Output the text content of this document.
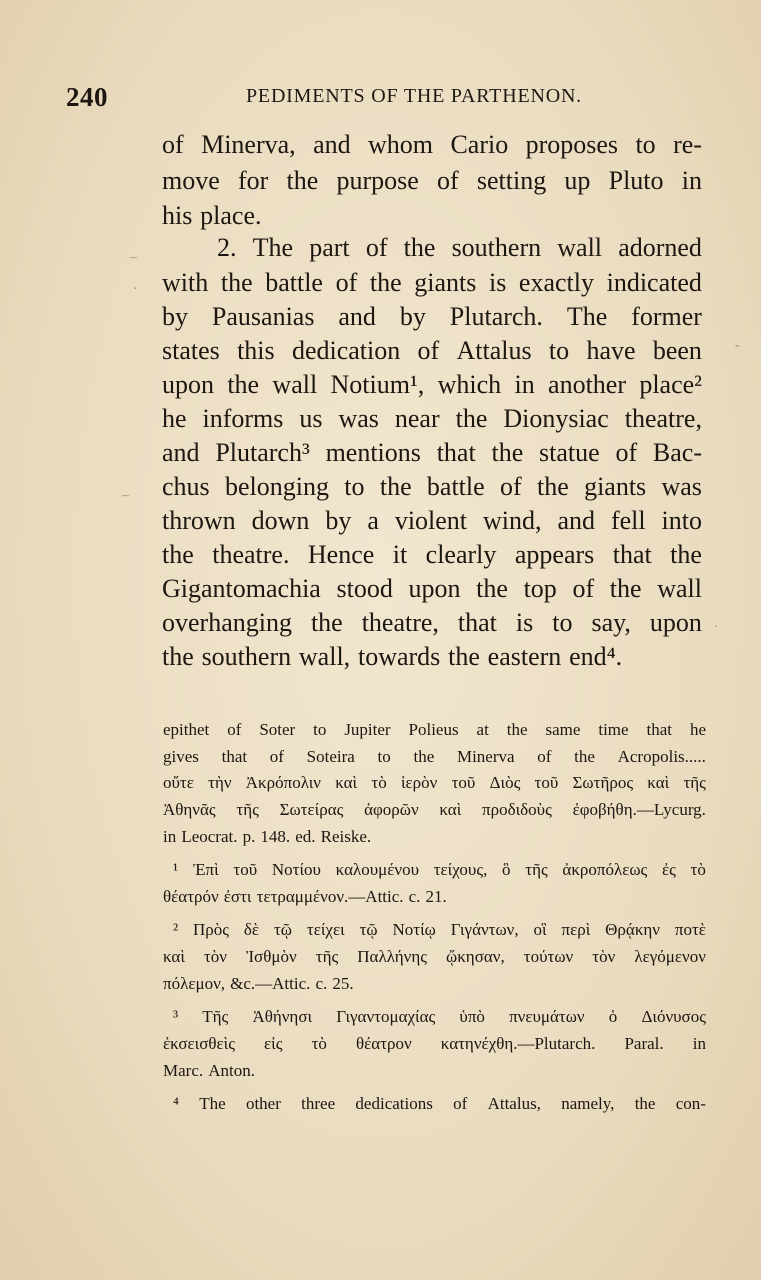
240	PEDIMENTS OF THE PARTHENON.
of Minerva, and whom Cario proposes to re-
move for the purpose of setting up Pluto in
his place.
2. The part of the southern wall adorned
with the battle of the giants is exactly indicated
by Pausanias and by Plutarch. The former
states this dedication of Attalus to have been
upon the wall Notium¹, which in another place²
he informs us was near the Dionysiac theatre,
and Plutarch³ mentions that the statue of Bac-
chus belonging to the battle of the giants was
thrown down by a violent wind, and fell into
the theatre. Hence it clearly appears that the
Gigantomachia stood upon the top of the wall
overhanging the theatre, that is to say, upon
the southern wall, towards the eastern end⁴.
epithet of Soter to Jupiter Polieus at the same time that he
gives that of Soteira to the Minerva of the Acropolis.....
οὔτε τὴν Ἀκρόπολιν καὶ τὸ ἱερὸν τοῦ Διὸς τοῦ Σωτῆρος καὶ τῆς
Ἀθηνᾶς τῆς Σωτείρας ἀφορῶν καὶ προδιδοὺς ἐφοβήθη.—Lycurg.
in Leocrat. p. 148. ed. Reiske.
¹ Ἐπὶ τοῦ Νοτίου καλουμένου τείχους, ὃ τῆς ἀκροπόλεως ἐς τὸ
θέατρόν ἐστι τετραμμένον.—Attic. c. 21.
² Πρὸς δὲ τῷ τείχει τῷ Νοτίῳ Γιγάντων, οἳ περὶ Θρᾴκην ποτὲ
καὶ τὸν Ἰσθμὸν τῆς Παλλήνης ᾤκησαν, τούτων τὸν λεγόμενον
πόλεμον, &c.—Attic. c. 25.
³ Τῆς Ἀθήνησι Γιγαντομαχίας ὑπὸ πνευμάτων ὁ Διόνυσος
ἐκσεισθεὶς εἰς τὸ θέατρον κατηνέχθη.—Plutarch. Paral. in
Marc. Anton.
⁴ The other three dedications of Attalus, namely, the con-
–
·
–
-
·
